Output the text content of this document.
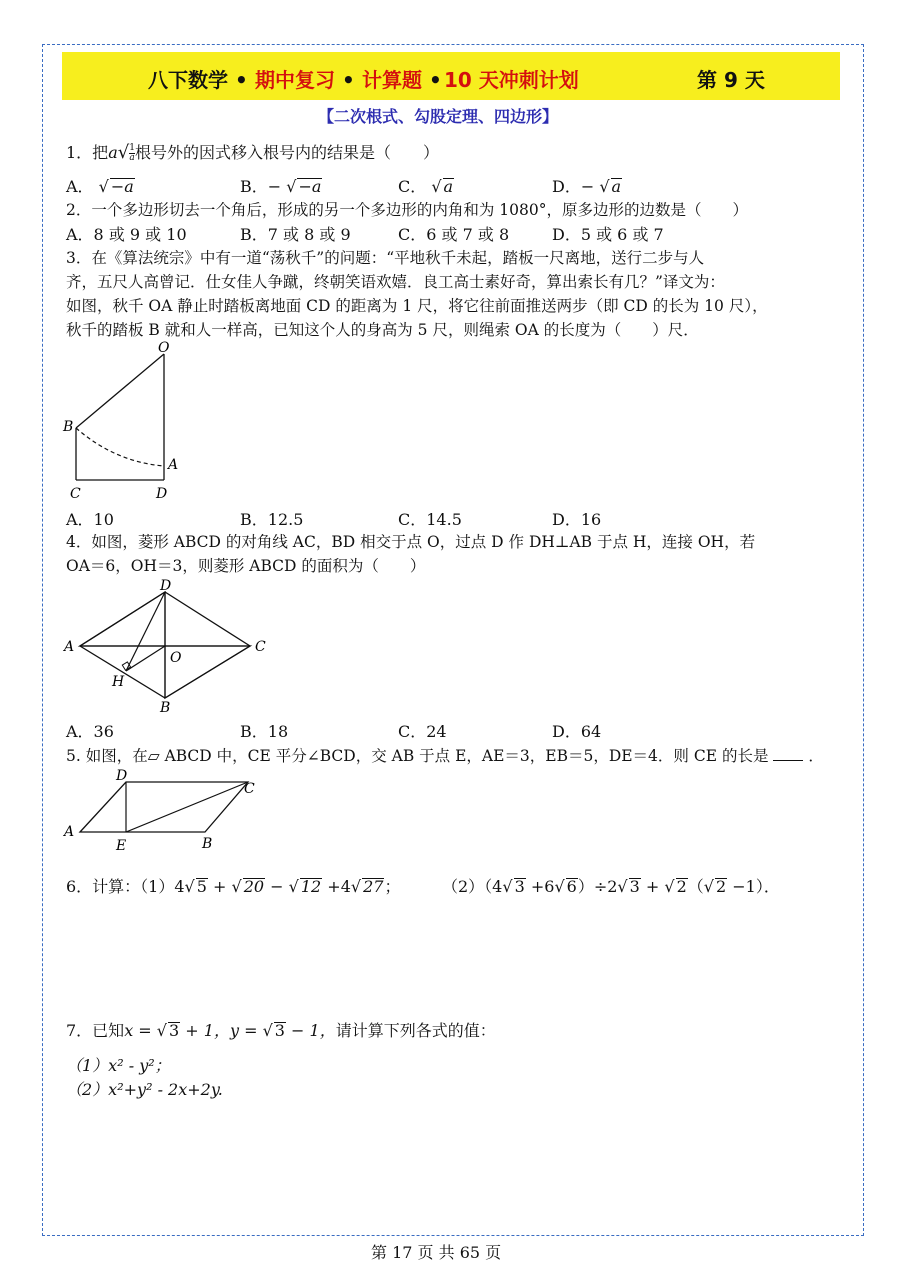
八下数学 • 期中复习 • 计算题 • 10 天冲刺计划	第 9 天
【二次根式、勾股定理、四边形】
1．把$a√ \frac{1}{a}$ 根号外的因式移入根号内的结果是（　　）
A． √ −a	B．− √ −a	C． √ a	D．− √ a
2．一个多边形切去一个角后，形成的另一个多边形的内角和为 1080°，原多边形的边数是（　　）
A．8 或 9 或 10	B．7 或 8 或 9	C．6 或 7 或 8	D．5 或 6 或 7
3．在《算法统宗》中有一道“荡秋千”的问题：“平地秋千未起，踏板一尺离地，送行二步与人
齐，五尺人高曾记．仕女佳人争蹴，终朝笑语欢嬉．良工高士素好奇，算出索长有几？”译文为：
如图，秋千 OA 静止时踏板离地面 CD 的距离为 1 尺，将它往前面推送两步（即 CD 的长为 10 尺），
秋千的踏板 B 就和人一样高，已知这个人的身高为 5 尺，则绳索 OA 的长度为（　　）尺．
O
B
A
C	D
A．10	B．12.5	C．14.5	D．16
4．如图，菱形 ABCD 的对角线 AC，BD 相交于点 O，过点 D 作 DH⊥AB 于点 H，连接 OH，若
OA＝6，OH＝3，则菱形 ABCD 的面积为（　　）
D
A
O
C
H
B
A．36	B．18	C．24	D．64
5. 如图，在▱ ABCD 中，CE 平分∠BCD，交 AB 于点 E，AE＝3，EB＝5，DE＝4．则 CE 的长是	．
D
C
A
E	B
6．计算：（1）4√ 5 + √ 20 − √ 12 +4√ 27；	（2）（4√ 3 +6√ 6）÷2√ 3 + √ 2（√ 2 −1）．
7．已知x = √ 3 + 1，y = √ 3 − 1，请计算下列各式的值：
（1）x² - y²；
（2）x²+y² - 2x+2y.
第 17 页 共 65 页
